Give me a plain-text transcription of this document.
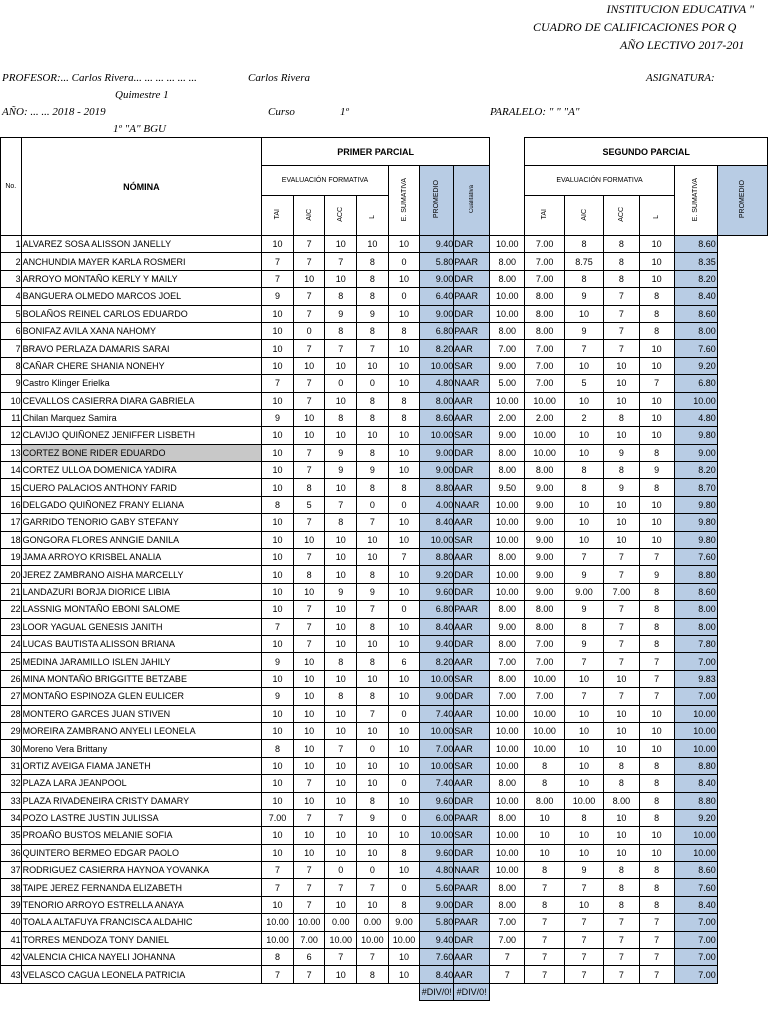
INSTITUCION EDUCATIVA "
CUADRO DE CALIFICACIONES POR Q
AÑO LECTIVO 2017-201
PROFESOR:... Carlos Rivera... ... ... ... ... ...	Carlos Rivera	ASIGNATURA:
Quimestre 1
AÑO: ... ... 2018 - 2019	Curso	1º	PARALELO: " " "A"
1º "A" BGU
No.	NÓMINA	PRIMER PARCIAL								SEGUNDO PARCIAL					
		EVALUACIÓN FORMATIVA				E. SUMATIVA	PROMEDIO	Cualitativa		EVALUACIÓN FORMATIVA				E. SUMATIVA	PROMEDIO
		TAI	AIC	ACC	L					TAI	AIC	ACC	L		
1	ALVAREZ SOSA ALISSON JANELLY	10	7	10	10	10	9.40	DAR	10.00	7.00	8	8	10	8.60	
2	ANCHUNDIA MAYER KARLA ROSMERI	7	7	7	8	0	5.80	PAAR	8.00	7.00	8.75	8	10	8.35	
3	ARROYO MONTAÑO KERLY Y MAILY	7	10	10	8	10	9.00	DAR	8.00	7.00	8	8	10	8.20	
4	BANGUERA OLMEDO MARCOS JOEL	9	7	8	8	0	6.40	PAAR	10.00	8.00	9	7	8	8.40	
5	BOLAÑOS REINEL CARLOS EDUARDO	10	7	9	9	10	9.00	DAR	10.00	8.00	10	7	8	8.60	
6	BONIFAZ AVILA XANA NAHOMY	10	0	8	8	8	6.80	PAAR	8.00	8.00	9	7	8	8.00	
7	BRAVO PERLAZA DAMARIS SARAI	10	7	7	7	10	8.20	AAR	7.00	7.00	7	7	10	7.60	
8	CAÑAR CHERE SHANIA NONEHY	10	10	10	10	10	10.00	SAR	9.00	7.00	10	10	10	9.20	
9	Castro Klinger Erielka	7	7	0	0	10	4.80	NAAR	5.00	7.00	5	10	7	6.80	
10	CEVALLOS CASIERRA DIARA GABRIELA	10	7	10	8	8	8.00	AAR	10.00	10.00	10	10	10	10.00	
11	Chilan Marquez Samira	9	10	8	8	8	8.60	AAR	2.00	2.00	2	8	10	4.80	
12	CLAVIJO QUIÑONEZ JENIFFER LISBETH	10	10	10	10	10	10.00	SAR	9.00	10.00	10	10	10	9.80	
13	CORTEZ BONE RIDER EDUARDO	10	7	9	8	10	9.00	DAR	8.00	10.00	10	9	8	9.00	
14	CORTEZ ULLOA DOMENICA YADIRA	10	7	9	9	10	9.00	DAR	8.00	8.00	8	8	9	8.20	
15	CUERO PALACIOS ANTHONY FARID	10	8	10	8	8	8.80	AAR	9.50	9.00	8	9	8	8.70	
16	DELGADO QUIÑONEZ FRANY ELIANA	8	5	7	0	0	4.00	NAAR	10.00	9.00	10	10	10	9.80	
17	GARRIDO TENORIO GABY STEFANY	10	7	8	7	10	8.40	AAR	10.00	9.00	10	10	10	9.80	
18	GONGORA FLORES ANNGIE DANILA	10	10	10	10	10	10.00	SAR	10.00	9.00	10	10	10	9.80	
19	JAMA ARROYO KRISBEL ANALIA	10	7	10	10	7	8.80	AAR	8.00	9.00	7	7	7	7.60	
20	JEREZ ZAMBRANO AISHA MARCELLY	10	8	10	8	10	9.20	DAR	10.00	9.00	9	7	9	8.80	
21	LANDAZURI BORJA DIORICE LIBIA	10	10	9	9	10	9.60	DAR	10.00	9.00	9.00	7.00	8	8.60	
22	LASSNIG MONTAÑO EBONI SALOME	10	7	10	7	0	6.80	PAAR	8.00	8.00	9	7	8	8.00	
23	LOOR YAGUAL GENESIS JANITH	7	7	10	8	10	8.40	AAR	9.00	8.00	8	7	8	8.00	
24	LUCAS BAUTISTA ALISSON BRIANA	10	7	10	10	10	9.40	DAR	8.00	7.00	9	7	8	7.80	
25	MEDINA JARAMILLO ISLEN JAHILY	9	10	8	8	6	8.20	AAR	7.00	7.00	7	7	7	7.00	
26	MINA MONTAÑO BRIGGITTE BETZABE	10	10	10	10	10	10.00	SAR	8.00	10.00	10	10	7	9.83	
27	MONTAÑO ESPINOZA GLEN EULICER	9	10	8	8	10	9.00	DAR	7.00	7.00	7	7	7	7.00	
28	MONTERO GARCES JUAN STIVEN	10	10	10	7	0	7.40	AAR	10.00	10.00	10	10	10	10.00	
29	MOREIRA ZAMBRANO ANYELI LEONELA	10	10	10	10	10	10.00	SAR	10.00	10.00	10	10	10	10.00	
30	Moreno Vera Brittany	8	10	7	0	10	7.00	AAR	10.00	10.00	10	10	10	10.00	
31	ORTIZ AVEIGA FIAMA JANETH	10	10	10	10	10	10.00	SAR	10.00	8	10	8	8	8.80	
32	PLAZA LARA JEANPOOL	10	7	10	10	0	7.40	AAR	8.00	8	10	8	8	8.40	
33	PLAZA RIVADENEIRA CRISTY DAMARY	10	10	10	8	10	9.60	DAR	10.00	8.00	10.00	8.00	8	8.80	
34	POZO LASTRE JUSTIN JULISSA	7.00	7	7	9	0	6.00	PAAR	8.00	10	8	10	8	9.20	
35	PROAÑO BUSTOS MELANIE SOFIA	10	10	10	10	10	10.00	SAR	10.00	10	10	10	10	10.00	
36	QUINTERO BERMEO EDGAR PAOLO	10	10	10	10	8	9.60	DAR	10.00	10	10	10	10	10.00	
37	RODRIGUEZ CASIERRA HAYNOA YOVANKA	7	7	0	0	10	4.80	NAAR	10.00	8	9	8	8	8.60	
38	TAIPE JEREZ FERNANDA ELIZABETH	7	7	7	7	0	5.60	PAAR	8.00	7	7	8	8	7.60	
39	TENORIO ARROYO ESTRELLA ANAYA	10	7	10	10	8	9.00	DAR	8.00	8	10	8	8	8.40	
40	TOALA ALTAFUYA FRANCISCA ALDAHIC	10.00	10.00	0.00	0.00	9.00	5.80	PAAR	7.00	7	7	7	7	7.00	
41	TORRES MENDOZA TONY DANIEL	10.00	7.00	10.00	10.00	10.00	9.40	DAR	7.00	7	7	7	7	7.00	
42	VALENCIA CHICA NAYELI JOHANNA	8	6	7	7	10	7.60	AAR	7	7	7	7	7	7.00	
43	VELASCO CAGUA LEONELA PATRICIA	7	7	10	8	10	8.40	AAR	7	7	7	7	7	7.00	
							#DIV/0!	#DIV/0!							
